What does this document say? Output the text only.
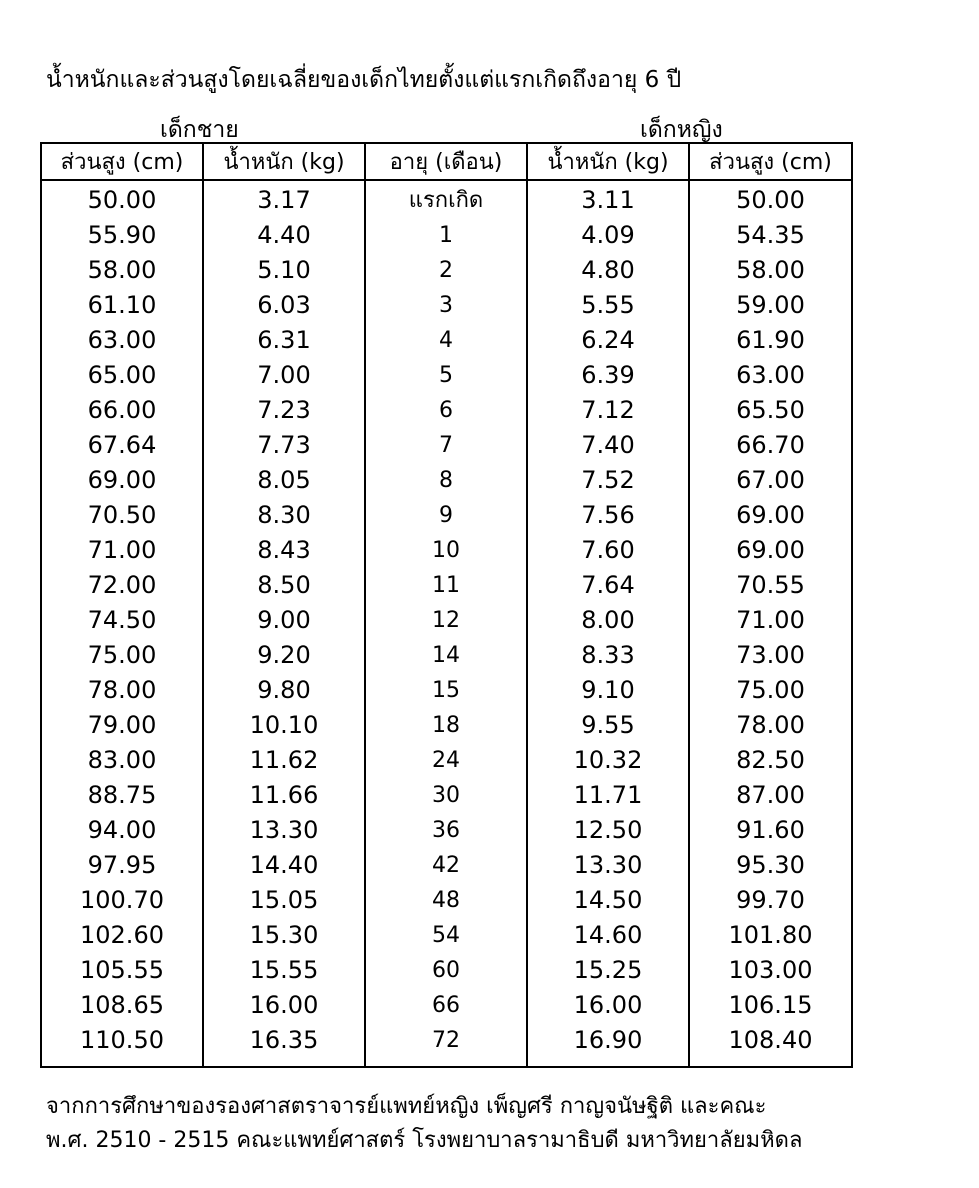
น้ำหนักและส่วนสูงโดยเฉลี่ยของเด็กไทยตั้งแต่แรกเกิดถึงอายุ 6 ปี
เด็กชาย	เด็กหญิง
ส่วนสูง (cm)	น้ำหนัก (kg)	อายุ (เดือน)	น้ำหนัก (kg)	ส่วนสูง (cm)
50.00	3.17	แรกเกิด	3.11	50.00
55.90	4.40	1	4.09	54.35
58.00	5.10	2	4.80	58.00
61.10	6.03	3	5.55	59.00
63.00	6.31	4	6.24	61.90
65.00	7.00	5	6.39	63.00
66.00	7.23	6	7.12	65.50
67.64	7.73	7	7.40	66.70
69.00	8.05	8	7.52	67.00
70.50	8.30	9	7.56	69.00
71.00	8.43	10	7.60	69.00
72.00	8.50	11	7.64	70.55
74.50	9.00	12	8.00	71.00
75.00	9.20	14	8.33	73.00
78.00	9.80	15	9.10	75.00
79.00	10.10	18	9.55	78.00
83.00	11.62	24	10.32	82.50
88.75	11.66	30	11.71	87.00
94.00	13.30	36	12.50	91.60
97.95	14.40	42	13.30	95.30
100.70	15.05	48	14.50	99.70
102.60	15.30	54	14.60	101.80
105.55	15.55	60	15.25	103.00
108.65	16.00	66	16.00	106.15
110.50	16.35	72	16.90	108.40
จากการศึกษาของรองศาสตราจารย์แพทย์หญิง เพ็ญศรี กาญจนัษฐิติ และคณะ
พ.ศ. 2510 - 2515 คณะแพทย์ศาสตร์ โรงพยาบาลรามาธิบดี มหาวิทยาลัยมหิดล
